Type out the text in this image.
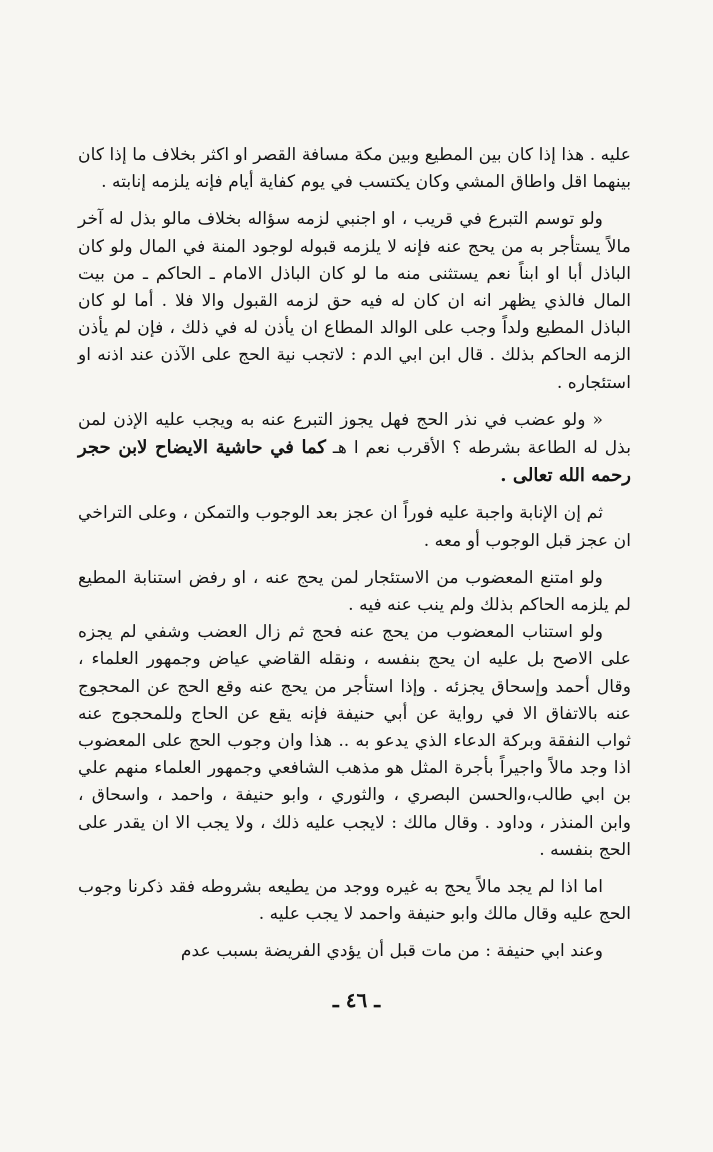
عليه . هذا إذا كان بين المطيع وبين مكة مسافة القصر او اكثر بخلاف ما إذا كان بينهما اقل واطاق المشي وكان يكتسب في يوم كفاية أيام فإنه يلزمه إنابته .

ولو توسم التبرع في قريب ، او اجنبي لزمه سؤاله بخلاف مالو بذل له آخر مالاً يستأجر به من يحج عنه فإنه لا يلزمه قبوله لوجود المنة في المال ولو كان الباذل أبا او ابناً نعم يستثنى منه ما لو كان الباذل الامام ـ الحاكم ـ من بيت المال فالذي يظهر انه ان كان له فيه حق لزمه القبول والا فلا . أما لو كان الباذل المطيع ولداً وجب على الوالد المطاع ان يأذن له في ذلك ، فإن لم يأذن الزمه الحاكم بذلك . قال ابن ابي الدم : لاتجب نية الحج على الآذن عند اذنه او استئجاره .

« ولو عضب في نذر الحج فهل يجوز التبرع عنه به ويجب عليه الإذن لمن بذل له الطاعة بشرطه ؟ الأقرب نعم ا هـ كما في حاشية الايضاح لابن حجر رحمه الله تعالى .

ثم إن الإنابة واجبة عليه فوراً ان عجز بعد الوجوب والتمكن ، وعلى التراخي ان عجز قبل الوجوب أو معه .

ولو امتنع المعضوب من الاستئجار لمن يحج عنه ، او رفض استنابة المطيع لم يلزمه الحاكم بذلك ولم ينب عنه فيه .

ولو استناب المعضوب من يحج عنه فحج ثم زال العضب وشفي لم يجزه على الاصح بل عليه ان يحج بنفسه ، ونقله القاضي عياض وجمهور العلماء ، وقال أحمد وإسحاق يجزئه . وإذا استأجر من يحج عنه وقع الحج عن المحجوج عنه بالاتفاق الا في رواية عن أبي حنيفة فإنه يقع عن الحاج وللمحجوج عنه ثواب النفقة وبركة الدعاء الذي يدعو به .. هذا وان وجوب الحج على المعضوب اذا وجد مالاً واجيراً بأجرة المثل هو مذهب الشافعي وجمهور العلماء منهم علي بن ابي طالب،والحسن البصري ، والثوري ، وابو حنيفة ، واحمد ، واسحاق ، وابن المنذر ، وداود . وقال مالك : لايجب عليه ذلك ، ولا يجب الا ان يقدر على الحج بنفسه .

اما اذا لم يجد مالاً يحج به غيره ووجد من يطيعه بشروطه فقد ذكرنا وجوب الحج عليه وقال مالك وابو حنيفة واحمد لا يجب عليه .

وعند ابي حنيفة : من مات قبل أن يؤدي الفريضة بسبب عدم

ـ ٤٦ ـ
